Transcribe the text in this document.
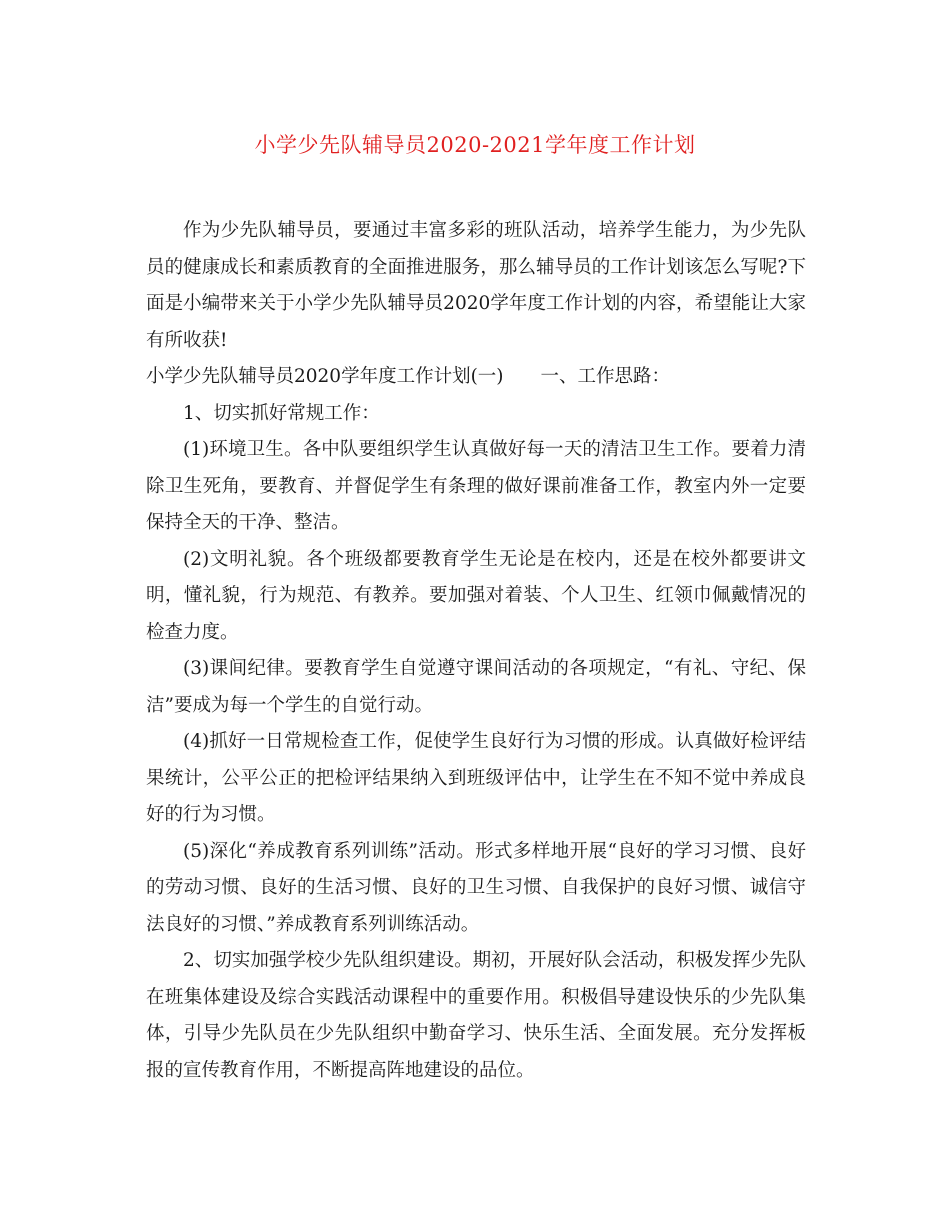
小学少先队辅导员2020-2021学年度工作计划

作为少先队辅导员，要通过丰富多彩的班队活动，培养学生能力，为少先队员的健康成长和素质教育的全面推进服务，那么辅导员的工作计划该怎么写呢?下面是小编带来关于小学少先队辅导员2020学年度工作计划的内容，希望能让大家有所收获!

小学少先队辅导员2020学年度工作计划(一)　　一、工作思路：

1、切实抓好常规工作：

(1)环境卫生。各中队要组织学生认真做好每一天的清洁卫生工作。要着力清除卫生死角，要教育、并督促学生有条理的做好课前准备工作，教室内外一定要保持全天的干净、整洁。

(2)文明礼貌。各个班级都要教育学生无论是在校内，还是在校外都要讲文明，懂礼貌，行为规范、有教养。要加强对着装、个人卫生、红领巾佩戴情况的检查力度。

(3)课间纪律。要教育学生自觉遵守课间活动的各项规定，“有礼、守纪、保洁”要成为每一个学生的自觉行动。

(4)抓好一日常规检查工作，促使学生良好行为习惯的形成。认真做好检评结果统计，公平公正的把检评结果纳入到班级评估中，让学生在不知不觉中养成良好的行为习惯。

(5)深化“养成教育系列训练”活动。形式多样地开展“良好的学习习惯、良好的劳动习惯、良好的生活习惯、良好的卫生习惯、自我保护的良好习惯、诚信守法良好的习惯、”养成教育系列训练活动。

2、切实加强学校少先队组织建设。期初，开展好队会活动，积极发挥少先队在班集体建设及综合实践活动课程中的重要作用。积极倡导建设快乐的少先队集体，引导少先队员在少先队组织中勤奋学习、快乐生活、全面发展。充分发挥板报的宣传教育作用，不断提高阵地建设的品位。
